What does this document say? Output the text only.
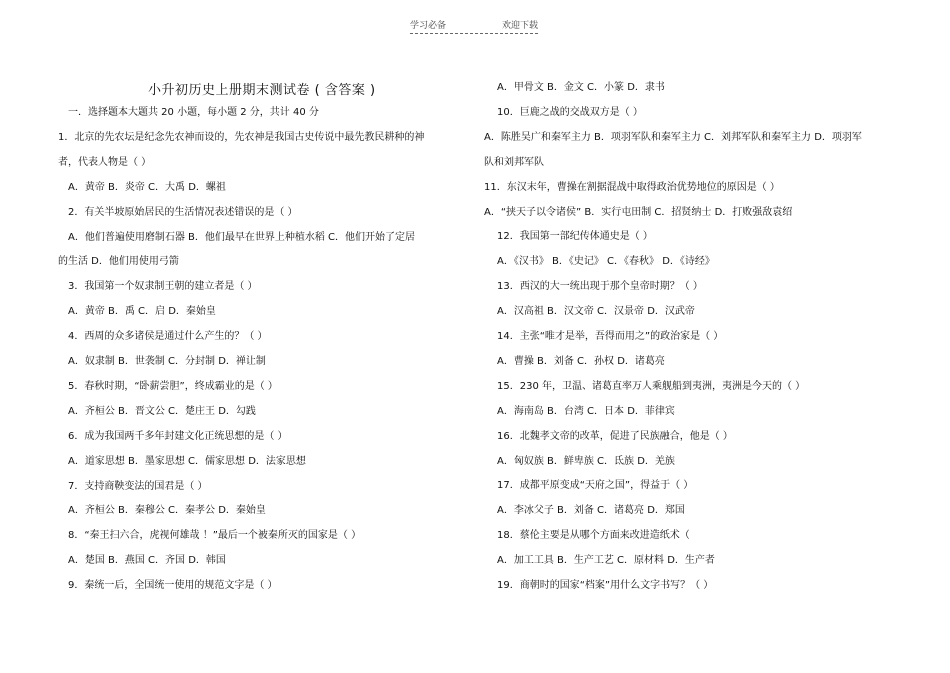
学习必备	欢迎下载
小升初历史上册期末测试卷 ( 含答案 )
一．选择题本大题共 20 小题，每小题 2 分，共计 40 分
1．北京的先农坛是纪念先农神而设的，先农神是我国古史传说中最先教民耕种的神
者，代表人物是（ ）
A．黄帝 B．炎帝 C．大禹 D．螺祖
2．有关半坡原始居民的生活情况表述错误的是（ ）
A．他们普遍使用磨制石器 B．他们最早在世界上种植水稻 C．他们开始了定居
的生活 D．他们用使用弓箭
3．我国第一个奴隶制王朝的建立者是（ ）
A．黄帝 B．禹 C．启 D．秦始皇
4．西周的众多诸侯是通过什么产生的？（ ）
A．奴隶制 B．世袭制 C．分封制 D．禅让制
5．春秋时期，“卧薪尝胆”，终成霸业的是（ ）
A．齐桓公 B．晋文公 C．楚庄王 D．勾践
6．成为我国两千多年封建文化正统思想的是（ ）
A．道家思想 B．墨家思想 C．儒家思想 D．法家思想
7．支持商鞅变法的国君是（ ）
A．齐桓公 B．秦穆公 C．秦孝公 D．秦始皇
8．“秦王扫六合，虎视何雄哉 ！”最后一个被秦所灭的国家是（ ）
A．楚国 B．燕国 C．齐国 D．韩国
9．秦统一后，全国统一使用的规范文字是（ ）
A．甲骨文 B．金文 C．小篆 D．隶书
10．巨鹿之战的交战双方是（ ）
A．陈胜吴广和秦军主力 B．项羽军队和秦军主力 C．刘邦军队和秦军主力 D．项羽军
队和刘邦军队
11．东汉末年，曹操在割据混战中取得政治优势地位的原因是（ ）
A．“挟天子以令诸侯” B．实行屯田制 C．招贤纳士 D．打败强敌袁绍
12．我国第一部纪传体通史是（ ）
A．《汉书》 B．《史记》 C．《春秋》 D．《诗经》
13．西汉的大一统出现于那个皇帝时期？（ ）
A．汉高祖 B．汉文帝 C．汉景帝 D．汉武帝
14．主张“唯才是举，吾得而用之”的政治家是（ ）
A．曹操 B．刘备 C．孙权 D．诸葛亮
15．230 年，卫温、诸葛直率万人乘舰船到夷洲，夷洲是今天的（ ）
A．海南岛 B．台湾 C．日本 D．菲律宾
16．北魏孝文帝的改革，促进了民族融合，他是（ ）
A．匈奴族 B．鲜卑族 C．氐族 D．羌族
17．成都平原变成“天府之国”，得益于（ ）
A．李冰父子 B．刘备 C．诸葛亮 D．郑国
18．蔡伦主要是从哪个方面来改进造纸术（
A．加工工具 B．生产工艺 C．原材料 D．生产者
19．商朝时的国家“档案”用什么文字书写？（ ）
